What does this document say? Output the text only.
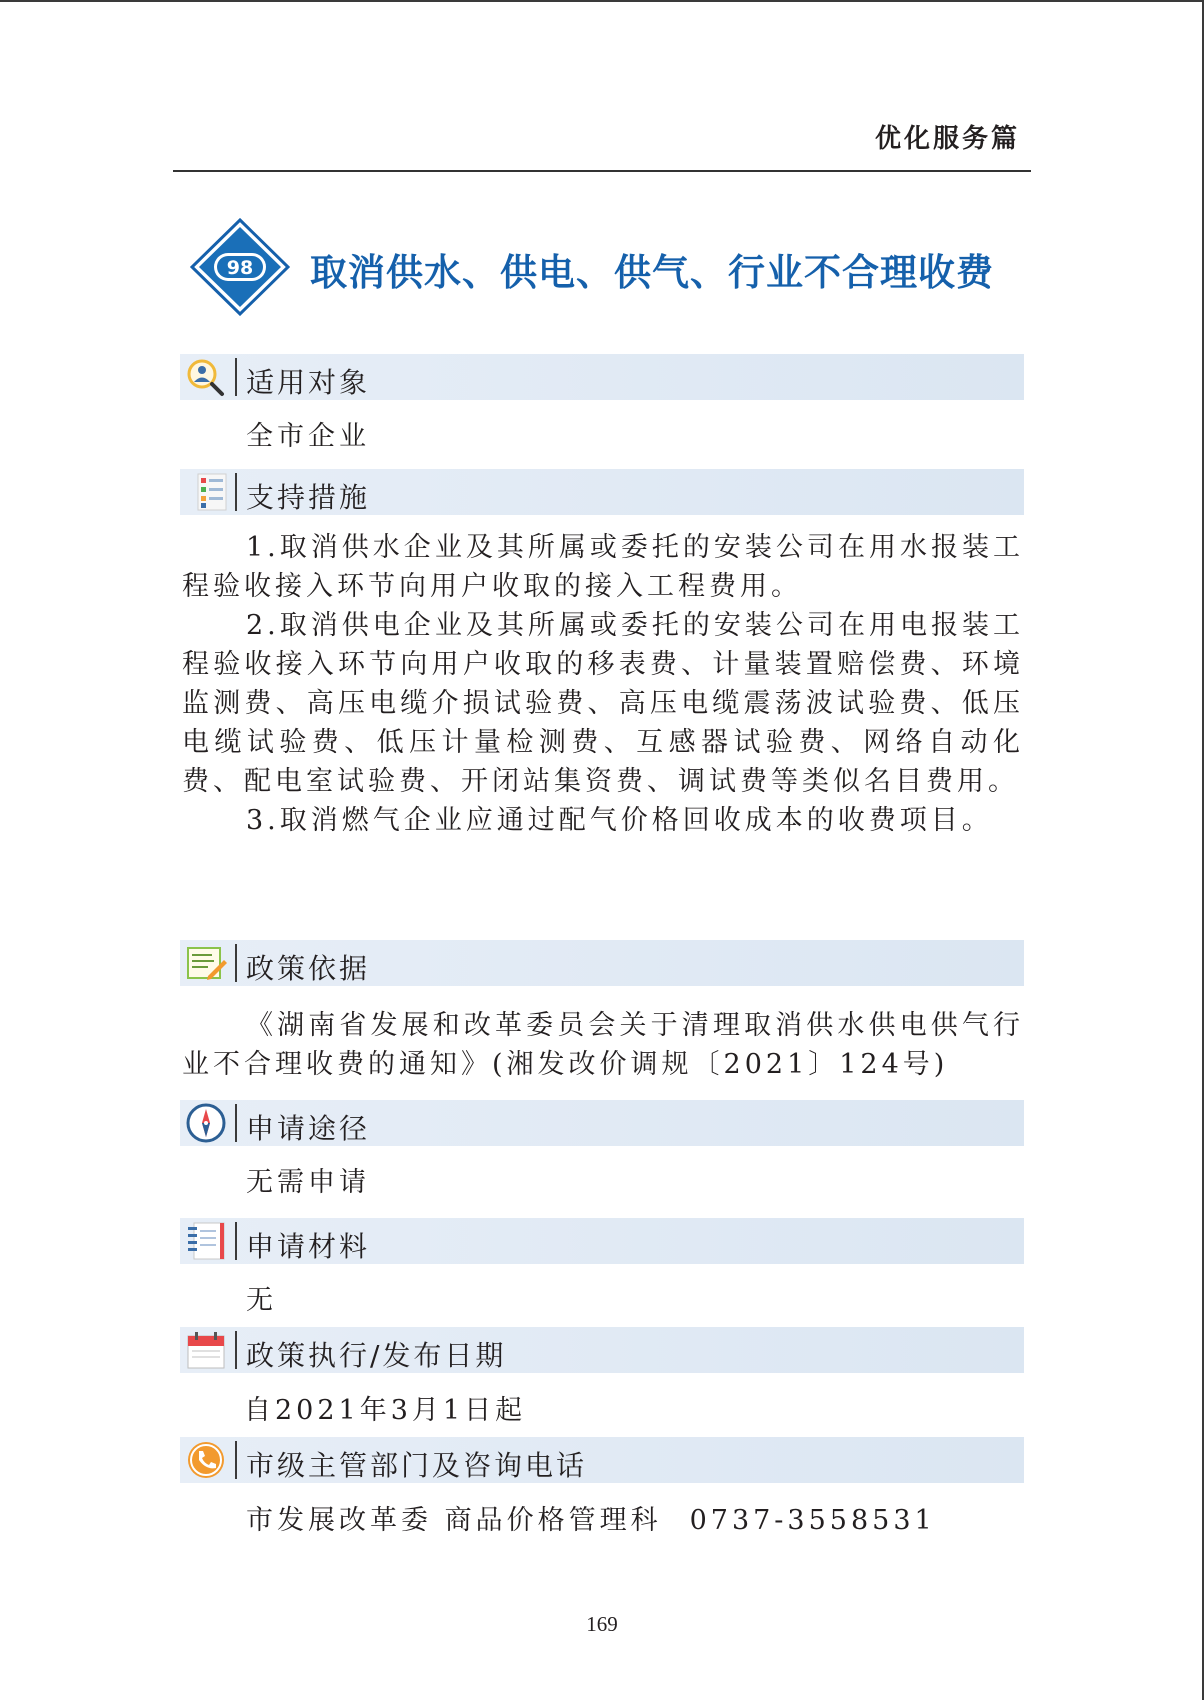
优化服务篇
98 取消供水、供电、供气、行业不合理收费
适用对象
全市企业
支持措施

1.取消供水企业及其所属或委托的安装公司在用水报装工程验收接入环节向用户收取的接入工程费用。

2.取消供电企业及其所属或委托的安装公司在用电报装工程验收接入环节向用户收取的移表费、计量装置赔偿费、环境监测费、高压电缆介损试验费、高压电缆震荡波试验费、低压电缆试验费、低压计量检测费、互感器试验费、网络自动化费、配电室试验费、开闭站集资费、调试费等类似名目费用。

3.取消燃气企业应通过配气价格回收成本的收费项目。

政策依据

《湖南省发展和改革委员会关于清理取消供水供电供气行业不合理收费的通知》(湘发改价调规〔2021〕124号)

申请途径
无需申请
申请材料
无
政策执行/发布日期
自2021年3月1日起
市级主管部门及咨询电话
市发展改革委 商品价格管理科 0737-3558531
169
